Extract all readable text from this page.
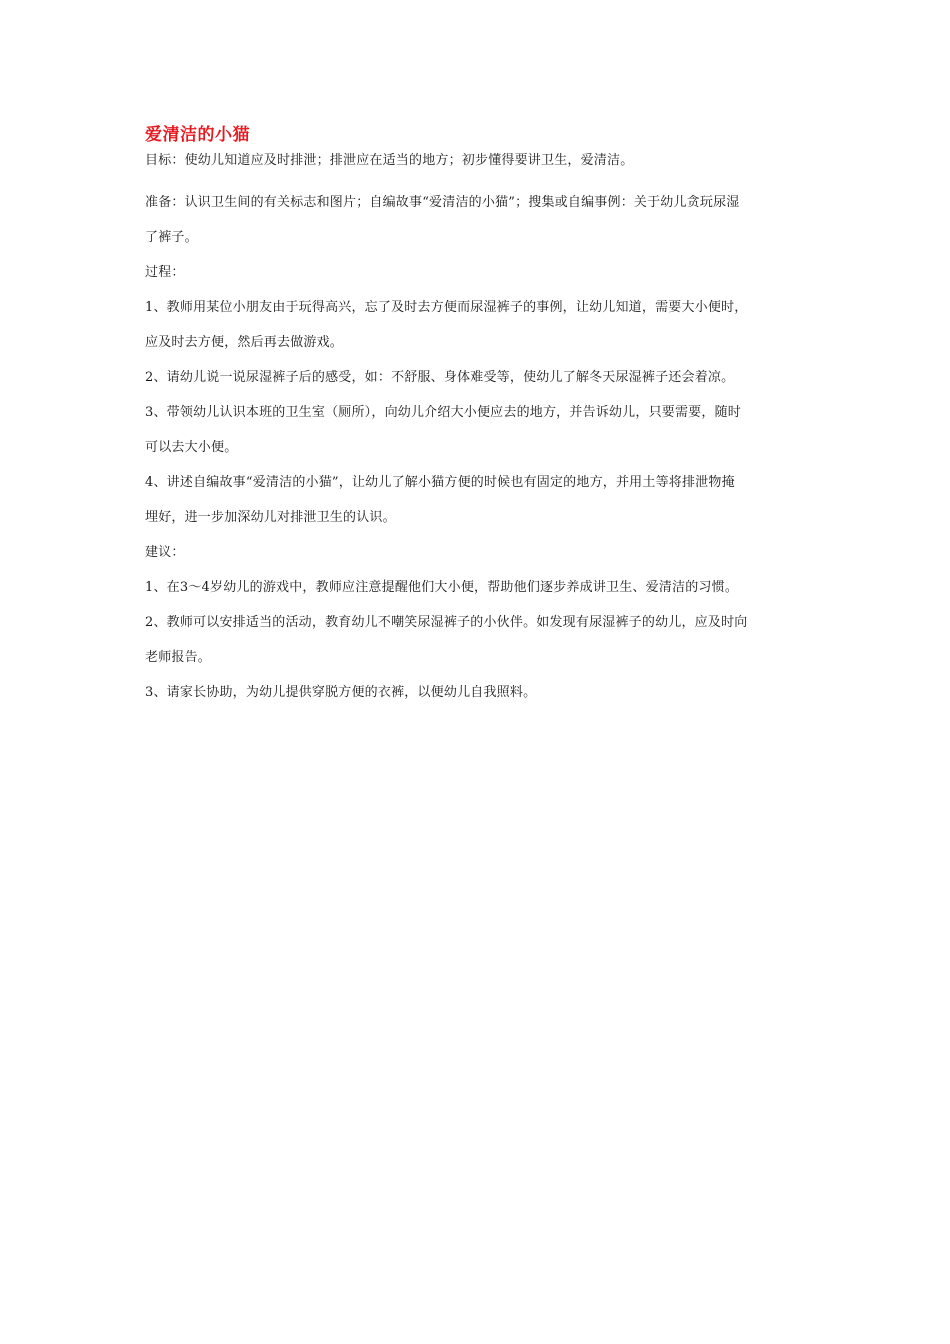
爱清洁的小猫

目标：使幼儿知道应及时排泄；排泄应在适当的地方；初步懂得要讲卫生，爱清洁。

准备：认识卫生间的有关标志和图片；自编故事“爱清洁的小猫”；搜集或自编事例：关于幼儿贪玩尿湿

了裤子。

过程：

1、教师用某位小朋友由于玩得高兴，忘了及时去方便而尿湿裤子的事例，让幼儿知道，需要大小便时，

应及时去方便，然后再去做游戏。

2、请幼儿说一说尿湿裤子后的感受，如：不舒服、身体难受等，使幼儿了解冬天尿湿裤子还会着凉。

3、带领幼儿认识本班的卫生室（厕所），向幼儿介绍大小便应去的地方，并告诉幼儿，只要需要，随时

可以去大小便。

4、讲述自编故事“爱清洁的小猫”，让幼儿了解小猫方便的时候也有固定的地方，并用土等将排泄物掩

埋好，进一步加深幼儿对排泄卫生的认识。

建议：

1、在3～4岁幼儿的游戏中，教师应注意提醒他们大小便，帮助他们逐步养成讲卫生、爱清洁的习惯。

2、教师可以安排适当的活动，教育幼儿不嘲笑尿湿裤子的小伙伴。如发现有尿湿裤子的幼儿，应及时向

老师报告。

3、请家长协助，为幼儿提供穿脱方便的衣裤，以便幼儿自我照料。
